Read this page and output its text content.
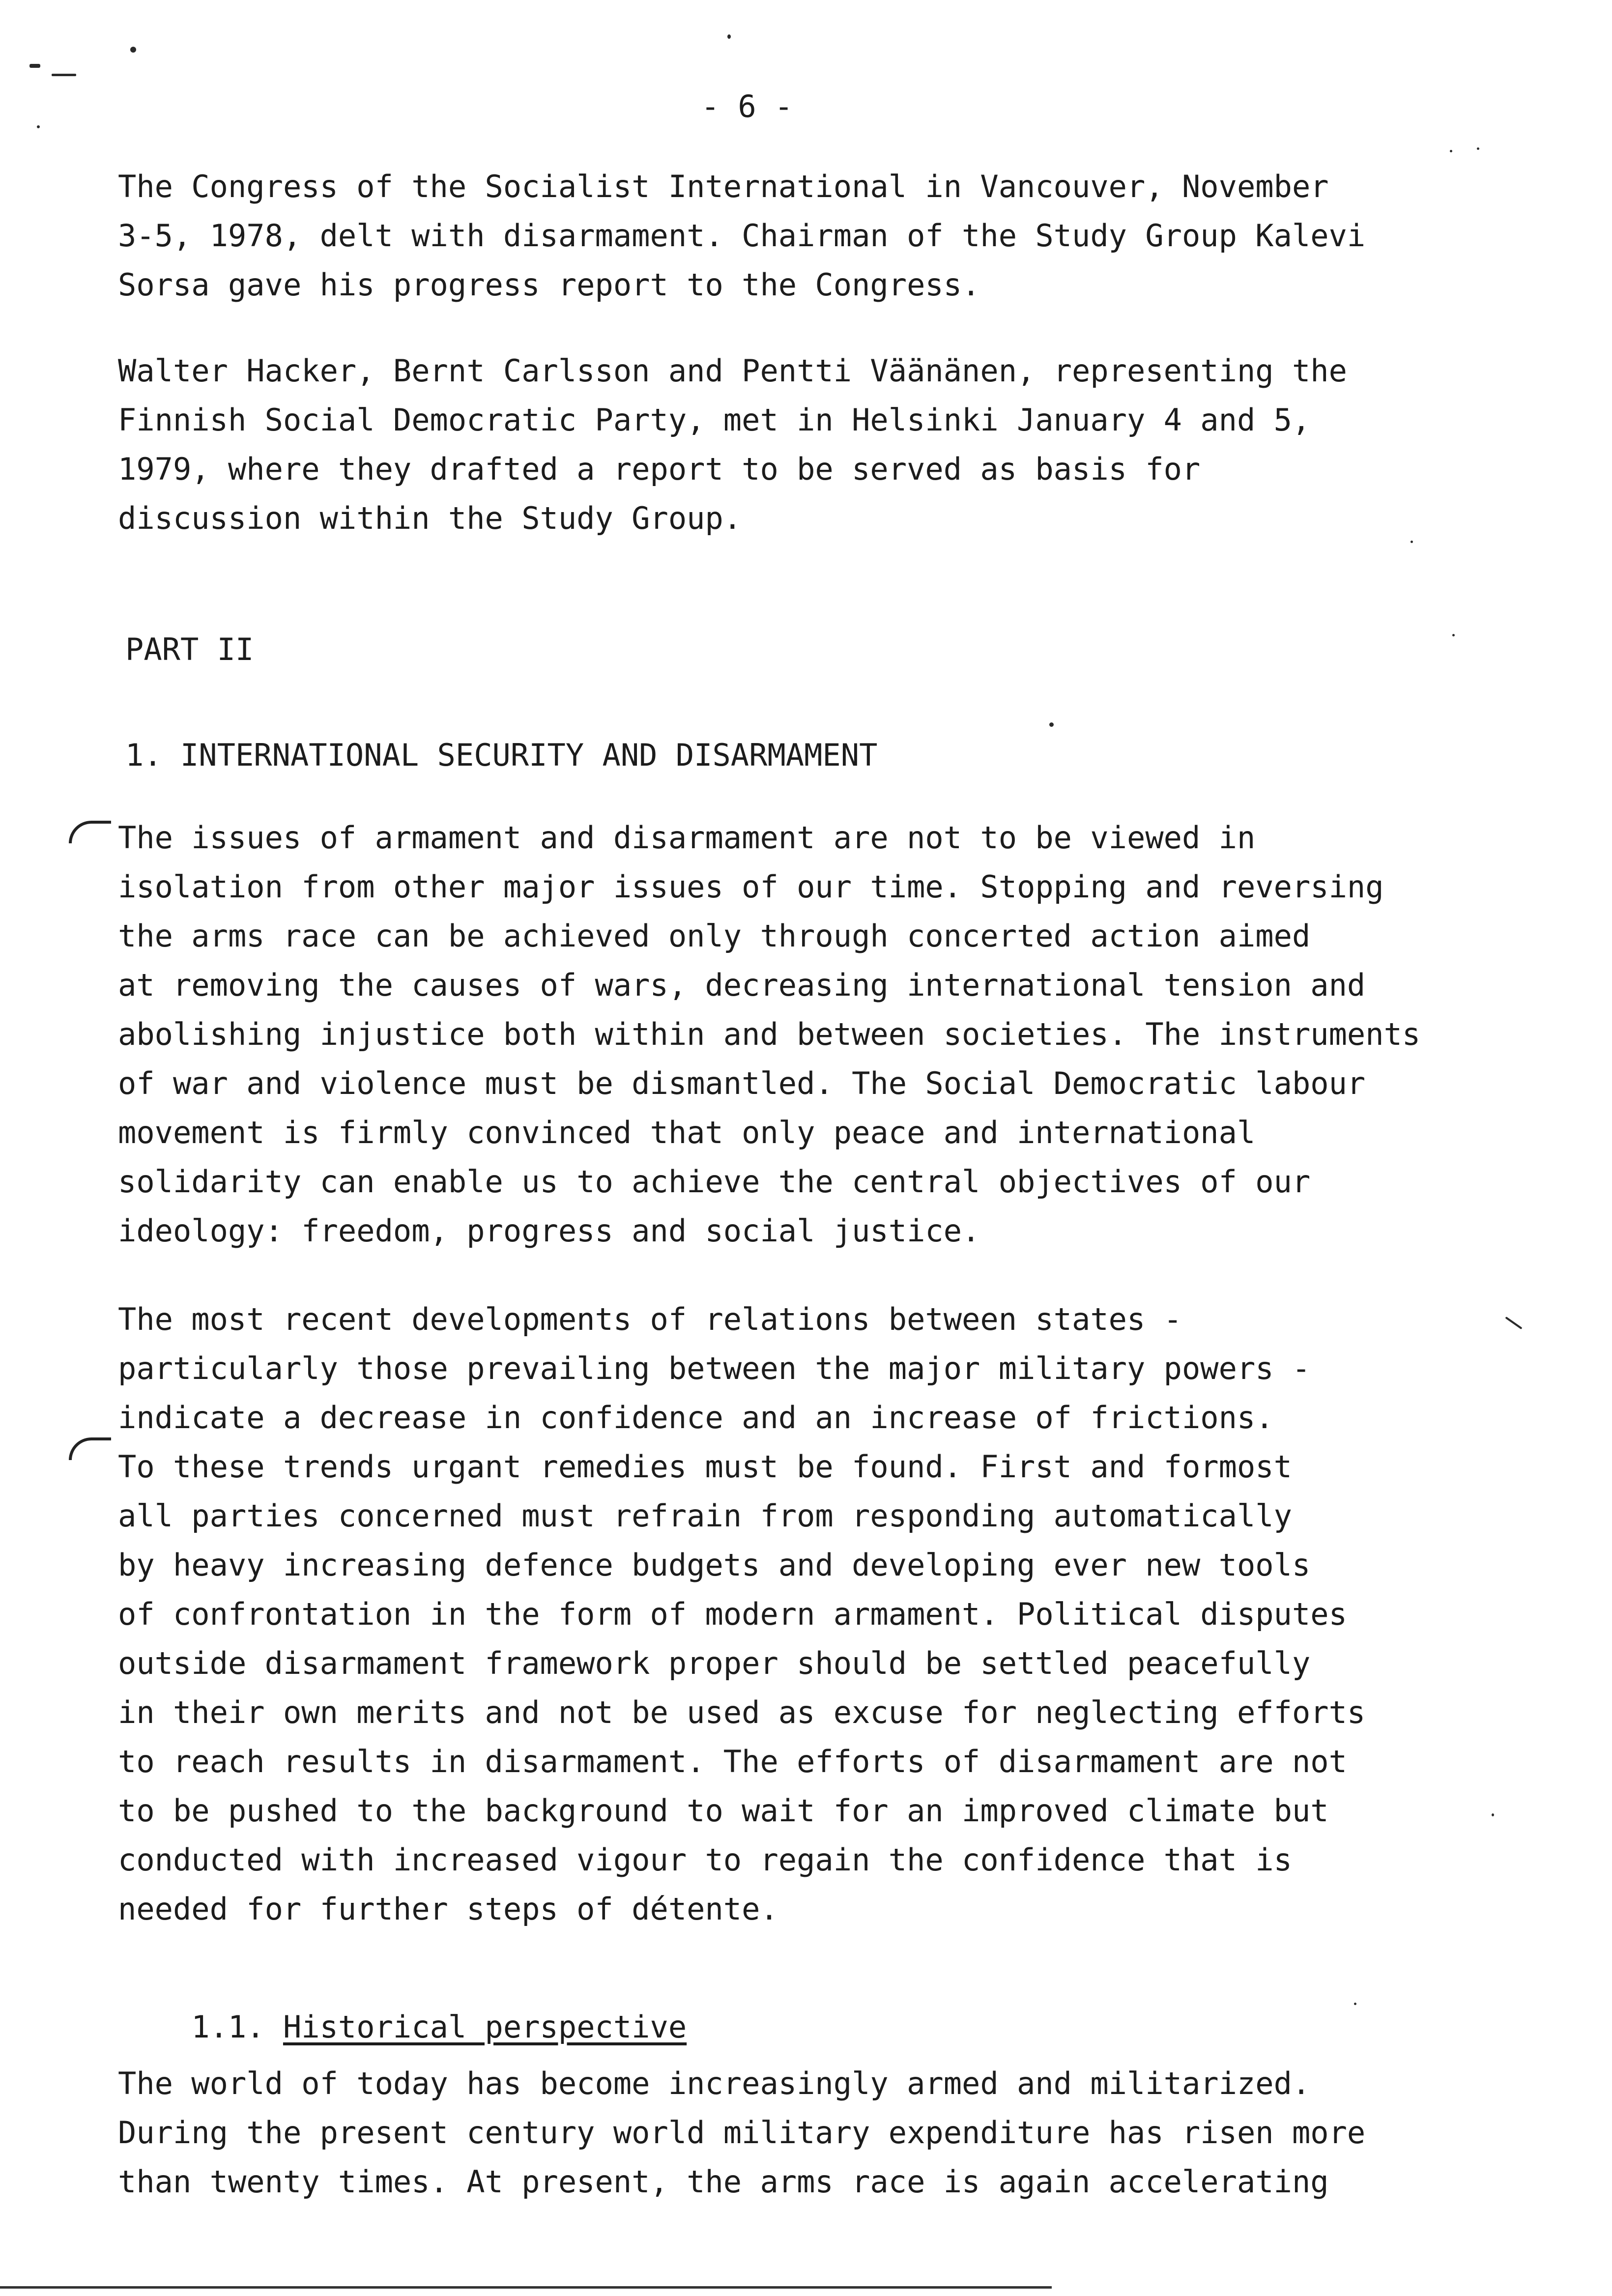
- 6 -
The Congress of the Socialist International in Vancouver, November
3-5, 1978, delt with disarmament. Chairman of the Study Group Kalevi
Sorsa gave his progress report to the Congress.
Walter Hacker, Bernt Carlsson and Pentti Väänänen, representing the
Finnish Social Democratic Party, met in Helsinki January 4 and 5,
1979, where they drafted a report to be served as basis for
discussion within the Study Group.
PART II
1. INTERNATIONAL SECURITY AND DISARMAMENT
The issues of armament and disarmament are not to be viewed in
isolation from other major issues of our time. Stopping and reversing
the arms race can be achieved only through concerted action aimed
at removing the causes of wars, decreasing international tension and
abolishing injustice both within and between societies. The instruments
of war and violence must be dismantled. The Social Democratic labour
movement is firmly convinced that only peace and international
solidarity can enable us to achieve the central objectives of our
ideology: freedom, progress and social justice.
The most recent developments of relations between states -
particularly those prevailing between the major military powers -
indicate a decrease in confidence and an increase of frictions.
To these trends urgant remedies must be found. First and formost
all parties concerned must refrain from responding automatically
by heavy increasing defence budgets and developing ever new tools
of confrontation in the form of modern armament. Political disputes
outside disarmament framework proper should be settled peacefully
in their own merits and not be used as excuse for neglecting efforts
to reach results in disarmament. The efforts of disarmament are not
to be pushed to the background to wait for an improved climate but
conducted with increased vigour to regain the confidence that is
needed for further steps of détente.

1.1. Historical perspective

The world of today has become increasingly armed and militarized.
During the present century world military expenditure has risen more
than twenty times. At present, the arms race is again accelerating
